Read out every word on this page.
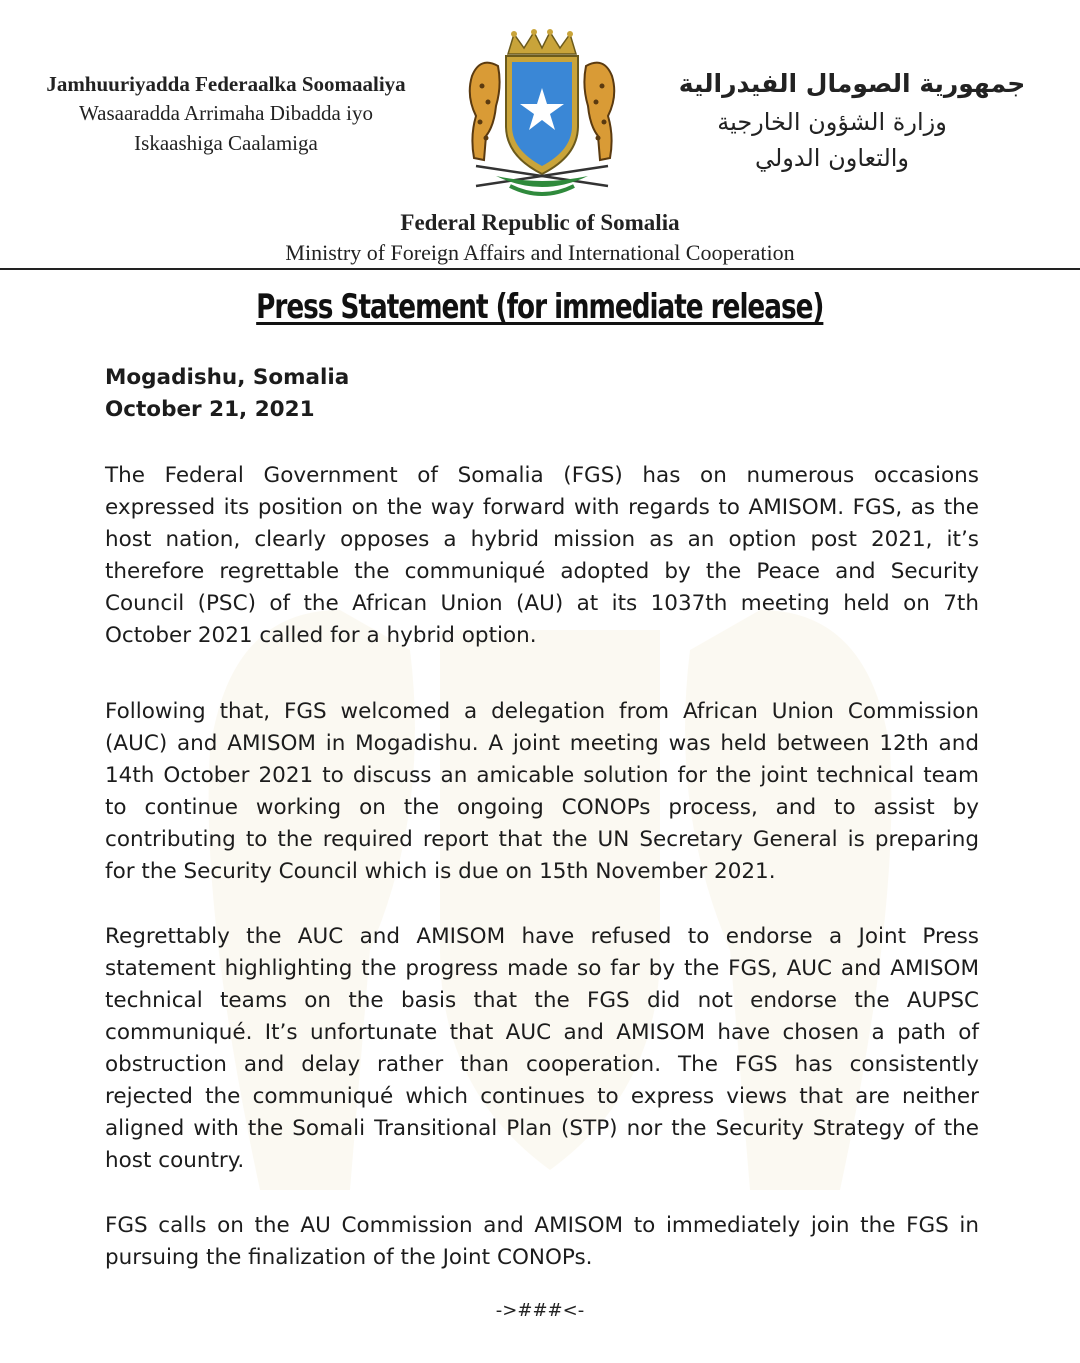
Jamhuuriyadda Federaalka Soomaaliya
Wasaaradda Arrimaha Dibadda iyo
Iskaashiga Caalamiga
جمهورية الصومال الفيدرالية
وزارة الشؤون الخارجية
والتعاون الدولي
Federal Republic of Somalia
Ministry of Foreign Affairs and International Cooperation
Press Statement (for immediate release)

Mogadishu, Somalia

October 21, 2021

The Federal Government of Somalia (FGS) has on numerous occasions expressed its position on the way forward with regards to AMISOM. FGS, as the host nation, clearly opposes a hybrid mission as an option post 2021, it’s therefore regrettable the communiqué adopted by the Peace and Security Council (PSC) of the African Union (AU) at its 1037th meeting held on 7th October 2021 called for a hybrid option.

Following that, FGS welcomed a delegation from African Union Commission (AUC) and AMISOM in Mogadishu. A joint meeting was held between 12th and 14th October 2021 to discuss an amicable solution for the joint technical team to continue working on the ongoing CONOPs process, and to assist by contributing to the required report that the UN Secretary General is preparing for the Security Council which is due on 15th November 2021.

Regrettably the AUC and AMISOM have refused to endorse a Joint Press statement highlighting the progress made so far by the FGS, AUC and AMISOM technical teams on the basis that the FGS did not endorse the AUPSC communiqué. It’s unfortunate that AUC and AMISOM have chosen a path of obstruction and delay rather than cooperation. The FGS has consistently rejected the communiqué which continues to express views that are neither aligned with the Somali Transitional Plan (STP) nor the Security Strategy of the host country.

FGS calls on the AU Commission and AMISOM to immediately join the FGS in pursuing the finalization of the Joint CONOPs.

->###<-
